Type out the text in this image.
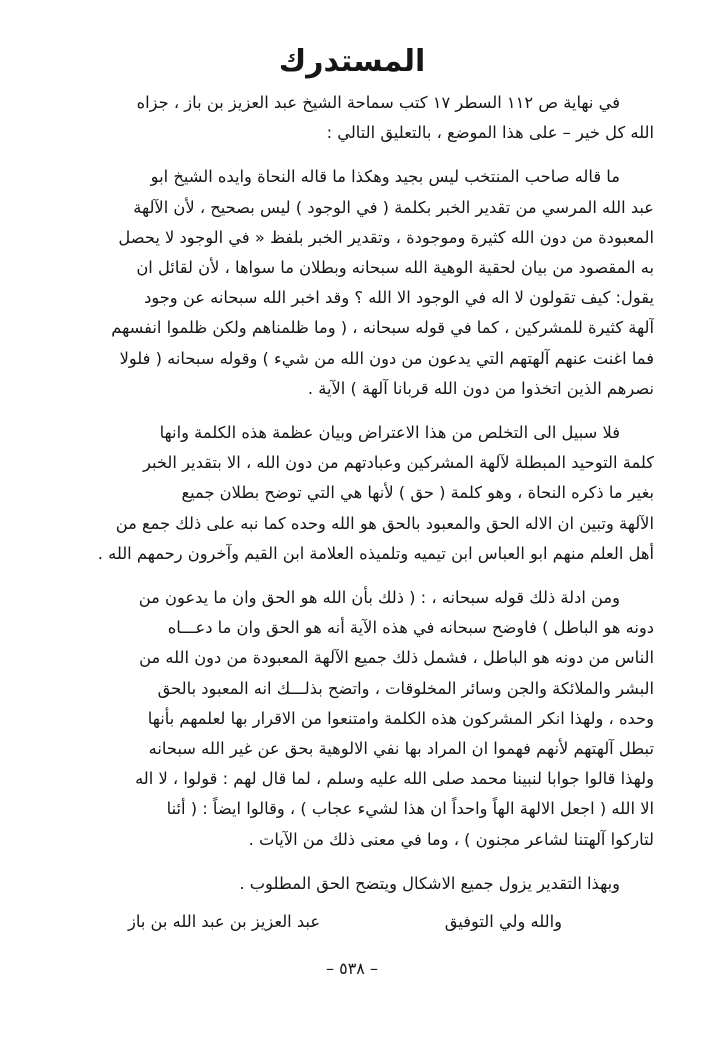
المستدرك

في نهاية ص ١١٢ السطر ١٧ كتب سماحة الشيخ عبد العزيز بن باز ، جزاه
الله كل خير – على هذا الموضع ، بالتعليق التالي :

ما قاله صاحب المنتخب ليس بجيد وهكذا ما قاله النحاة وايده الشيخ ابو
عبد الله المرسي من تقدير الخبر بكلمة ( في الوجود ) ليس بصحيح ، لأن الآلهة
المعبودة من دون الله كثيرة وموجودة ، وتقدير الخبر بلفظ « في الوجود لا يحصل
به المقصود من بيان لحقية الوهية الله سبحانه وبطلان ما سواها ، لأن لقائل ان
يقول: كيف تقولون لا اله في الوجود الا الله ؟ وقد اخبر الله سبحانه عن وجود
آلهة كثيرة للمشركين ، كما في قوله سبحانه ، ( وما ظلمناهم ولكن ظلموا انفسهم
فما اغنت عنهم آلهتهم التي يدعون من دون الله من شيء ) وقوله سبحانه ( فلولا
نصرهم الذين اتخذوا من دون الله قربانا آلهة ) الآية .

فلا سبيل الى التخلص من هذا الاعتراض وبيان عظمة هذه الكلمة وانها
كلمة التوحيد المبطلة لآلهة المشركين وعبادتهم من دون الله ، الا بتقدير الخبر
بغير ما ذكره النحاة ، وهو كلمة ( حق ) لأنها هي التي توضح بطلان جميع
الآلهة وتبين ان الاله الحق والمعبود بالحق هو الله وحده كما نبه على ذلك جمع من
أهل العلم منهم ابو العباس ابن تيميه وتلميذه العلامة ابن القيم وآخرون رحمهم الله .

ومن ادلة ذلك قوله سبحانه ، : ( ذلك بأن الله هو الحق وان ما يدعون من
دونه هو الباطل ) فاوضح سبحانه في هذه الآية أنه هو الحق وان ما دعـــاه
الناس من دونه هو الباطل ، فشمل ذلك جميع الآلهة المعبودة من دون الله من
البشر والملائكة والجن وسائر المخلوقات ، واتضح بذلـــك انه المعبود بالحق
وحده ، ولهذا انكر المشركون هذه الكلمة وامتنعوا من الاقرار بها لعلمهم بأنها
تبطل آلهتهم لأنهم فهموا ان المراد بها نفي الالوهية بحق عن غير الله سبحانه
ولهذا قالوا جوابا لنبينا محمد صلى الله عليه وسلم ، لما قال لهم : قولوا ، لا اله
الا الله ( اجعل الالهة الهاً واحداً ان هذا لشيء عجاب ) ، وقالوا ايضاً : ( أئنا
لتاركوا آلهتنا لشاعر مجنون ) ، وما في معنى ذلك من الآيات .

وبهذا التقدير يزول جميع الاشكال ويتضح الحق المطلوب .

والله ولي التوفيق
عبد العزيز بن عبد الله بن باز
– ٥٣٨ –
